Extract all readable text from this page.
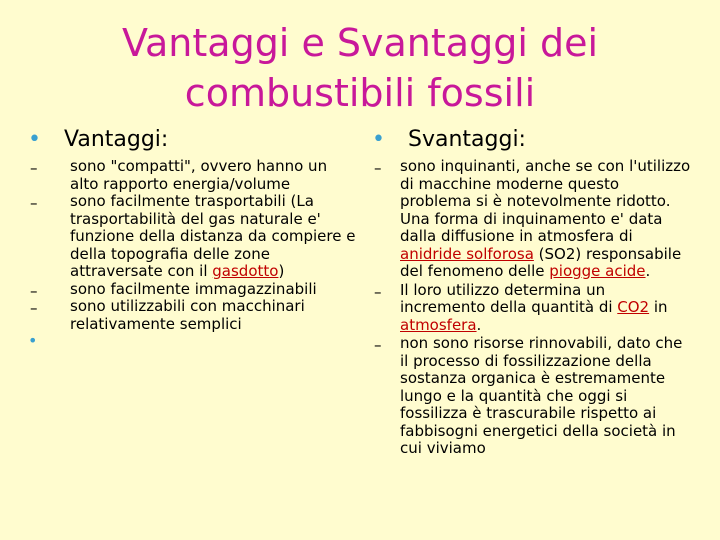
Vantaggi e Svantaggi dei
combustibili fossili
• Vantaggi:
– sono "compatti", ovvero hanno un alto rapporto energia/volume
– sono facilmente trasportabili (La trasportabilità del gas naturale e' funzione della distanza da compiere e della topografia delle zone attraversate con il gasdotto)
– sono facilmente immagazzinabili
– sono utilizzabili con macchinari relativamente semplici
•
• Svantaggi:
– sono inquinanti, anche se con l'utilizzo di macchine moderne questo problema si è notevolmente ridotto. Una forma di inquinamento e' data dalla diffusione in atmosfera di anidride solforosa (SO2) responsabile del fenomeno delle piogge acide.
– Il loro utilizzo determina un incremento della quantità di CO2 in atmosfera.
– non sono risorse rinnovabili, dato che il processo di fossilizzazione della sostanza organica è estremamente lungo e la quantità che oggi si fossilizza è trascurabile rispetto ai fabbisogni energetici della società in cui viviamo
